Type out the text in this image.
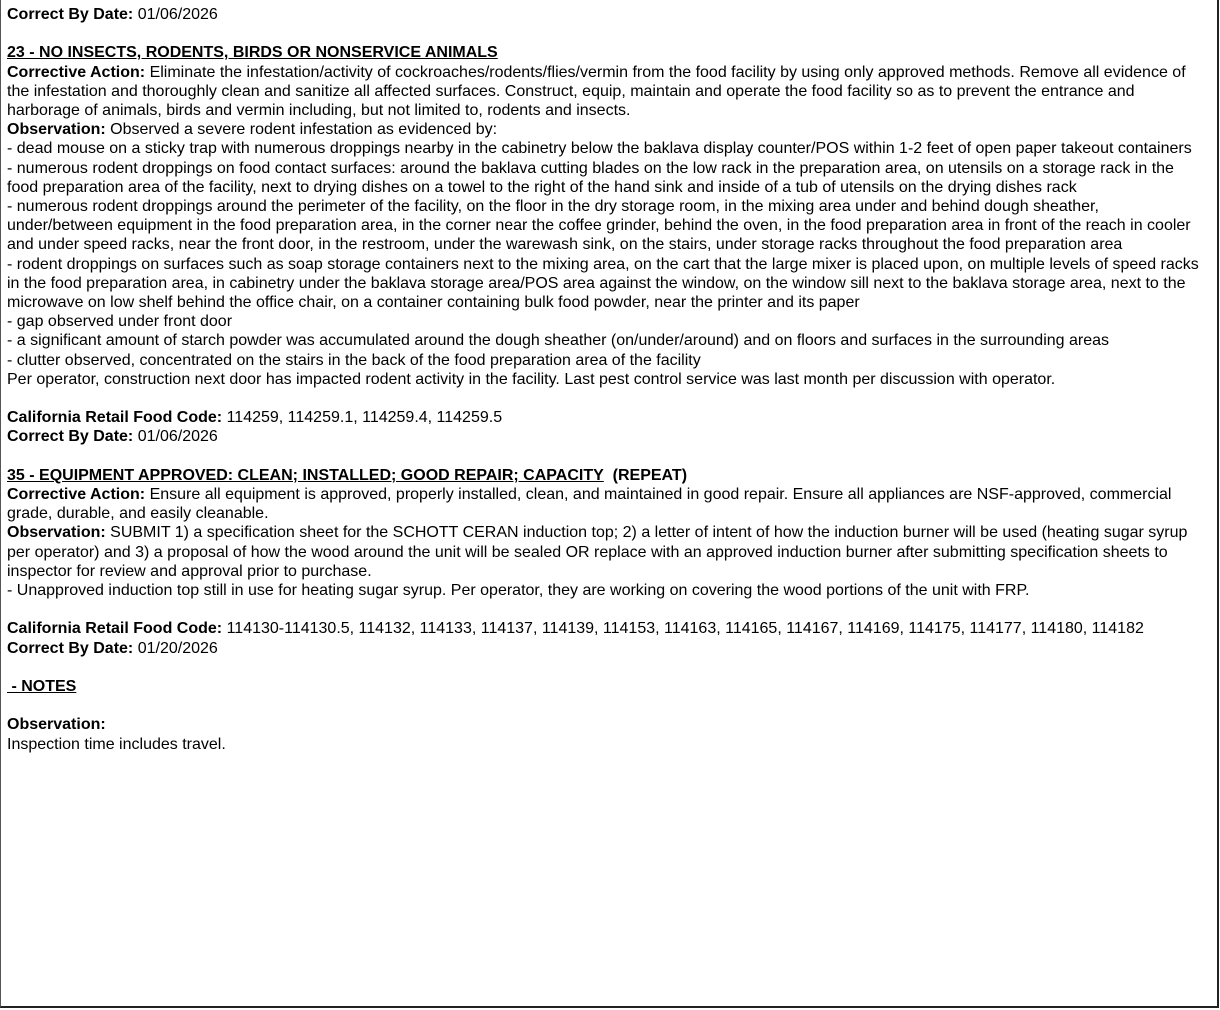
Correct By Date: 01/06/2026

23 - NO INSECTS, RODENTS, BIRDS OR NONSERVICE ANIMALS

Corrective Action: Eliminate the infestation/activity of cockroaches/rodents/flies/vermin from the food facility by using only approved methods. Remove all evidence of the infestation and thoroughly clean and sanitize all affected surfaces. Construct, equip, maintain and operate the food facility so as to prevent the entrance and harborage of animals, birds and vermin including, but not limited to, rodents and insects.

Observation: Observed a severe rodent infestation as evidenced by:

- dead mouse on a sticky trap with numerous droppings nearby in the cabinetry below the baklava display counter/POS within 1-2 feet of open paper takeout containers

- numerous rodent droppings on food contact surfaces: around the baklava cutting blades on the low rack in the preparation area, on utensils on a storage rack in the food preparation area of the facility, next to drying dishes on a towel to the right of the hand sink and inside of a tub of utensils on the drying dishes rack

- numerous rodent droppings around the perimeter of the facility, on the floor in the dry storage room, in the mixing area under and behind dough sheather, under/between equipment in the food preparation area, in the corner near the coffee grinder, behind the oven, in the food preparation area in front of the reach in cooler and under speed racks, near the front door, in the restroom, under the warewash sink, on the stairs, under storage racks throughout the food preparation area

- rodent droppings on surfaces such as soap storage containers next to the mixing area, on the cart that the large mixer is placed upon, on multiple levels of speed racks in the food preparation area, in cabinetry under the baklava storage area/POS area against the window, on the window sill next to the baklava storage area, next to the microwave on low shelf behind the office chair, on a container containing bulk food powder, near the printer and its paper

- gap observed under front door

- a significant amount of starch powder was accumulated around the dough sheather (on/under/around) and on floors and surfaces in the surrounding areas

- clutter observed, concentrated on the stairs in the back of the food preparation area of the facility

Per operator, construction next door has impacted rodent activity in the facility. Last pest control service was last month per discussion with operator.

California Retail Food Code: 114259, 114259.1, 114259.4, 114259.5

Correct By Date: 01/06/2026

35 - EQUIPMENT APPROVED: CLEAN; INSTALLED; GOOD REPAIR; CAPACITY (REPEAT)

Corrective Action: Ensure all equipment is approved, properly installed, clean, and maintained in good repair. Ensure all appliances are NSF-approved, commercial grade, durable, and easily cleanable.

Observation: SUBMIT 1) a specification sheet for the SCHOTT CERAN induction top; 2) a letter of intent of how the induction burner will be used (heating sugar syrup per operator) and 3) a proposal of how the wood around the unit will be sealed OR replace with an approved induction burner after submitting specification sheets to inspector for review and approval prior to purchase.

- Unapproved induction top still in use for heating sugar syrup. Per operator, they are working on covering the wood portions of the unit with FRP.

California Retail Food Code: 114130-114130.5, 114132, 114133, 114137, 114139, 114153, 114163, 114165, 114167, 114169, 114175, 114177, 114180, 114182

Correct By Date: 01/20/2026

- NOTES

Observation:

Inspection time includes travel.
